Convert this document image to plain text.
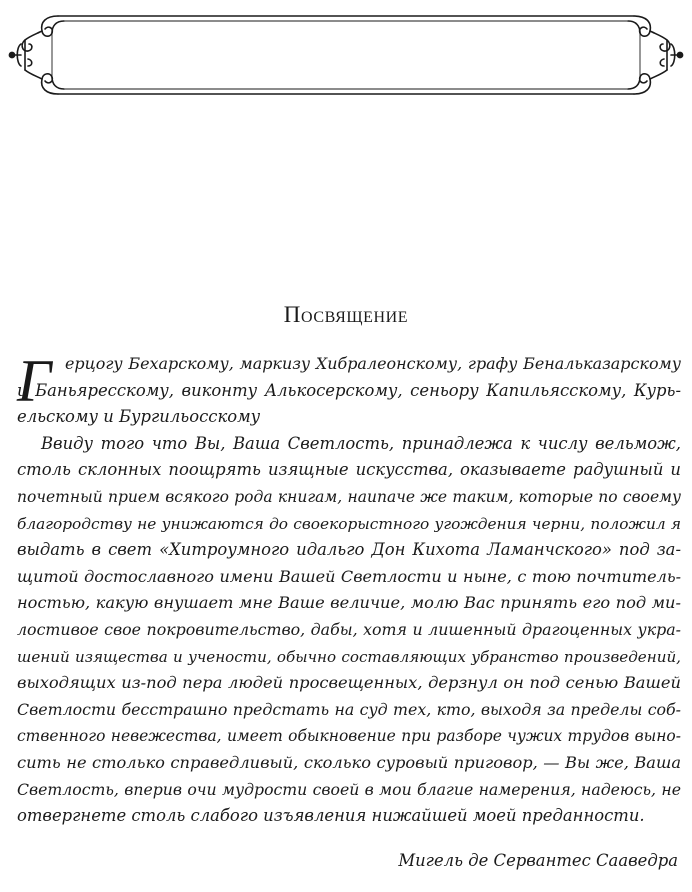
Посвящение
Г ерцогу Бехарскому, маркизу Хибралеонскому, графу Бенальказарскому
и Баньяресскому, виконту Алькосерскому, сеньору Капильясскому, Курь-
ельскому и Бургильосскому
Ввиду того что Вы, Ваша Светлость, принадлежа к числу вельмож,
столь склонных поощрять изящные искусства, оказываете радушный и
почетный прием всякого рода книгам, наипаче же таким, которые по своему
благородству не унижаются до своекорыстного угождения черни, положил я
выдать в свет «Хитроумного идальго Дон Кихота Ламанчского» под за-
щитой достославного имени Вашей Светлости и ныне, с тою почтитель-
ностью, какую внушает мне Ваше величие, молю Вас принять его под ми-
лостивое свое покровительство, дабы, хотя и лишенный драгоценных укра-
шений изящества и учености, обычно составляющих убранство произведений,
выходящих из-под пера людей просвещенных, дерзнул он под сенью Вашей
Светлости бесстрашно предстать на суд тех, кто, выходя за пределы соб-
ственного невежества, имеет обыкновение при разборе чужих трудов выно-
сить не столько справедливый, сколько суровый приговор, — Вы же, Ваша
Светлость, вперив очи мудрости своей в мои благие намерения, надеюсь, не
отвергнете столь слабого изъявления нижайшей моей преданности.
Мигель де Сервантес Сааведра
